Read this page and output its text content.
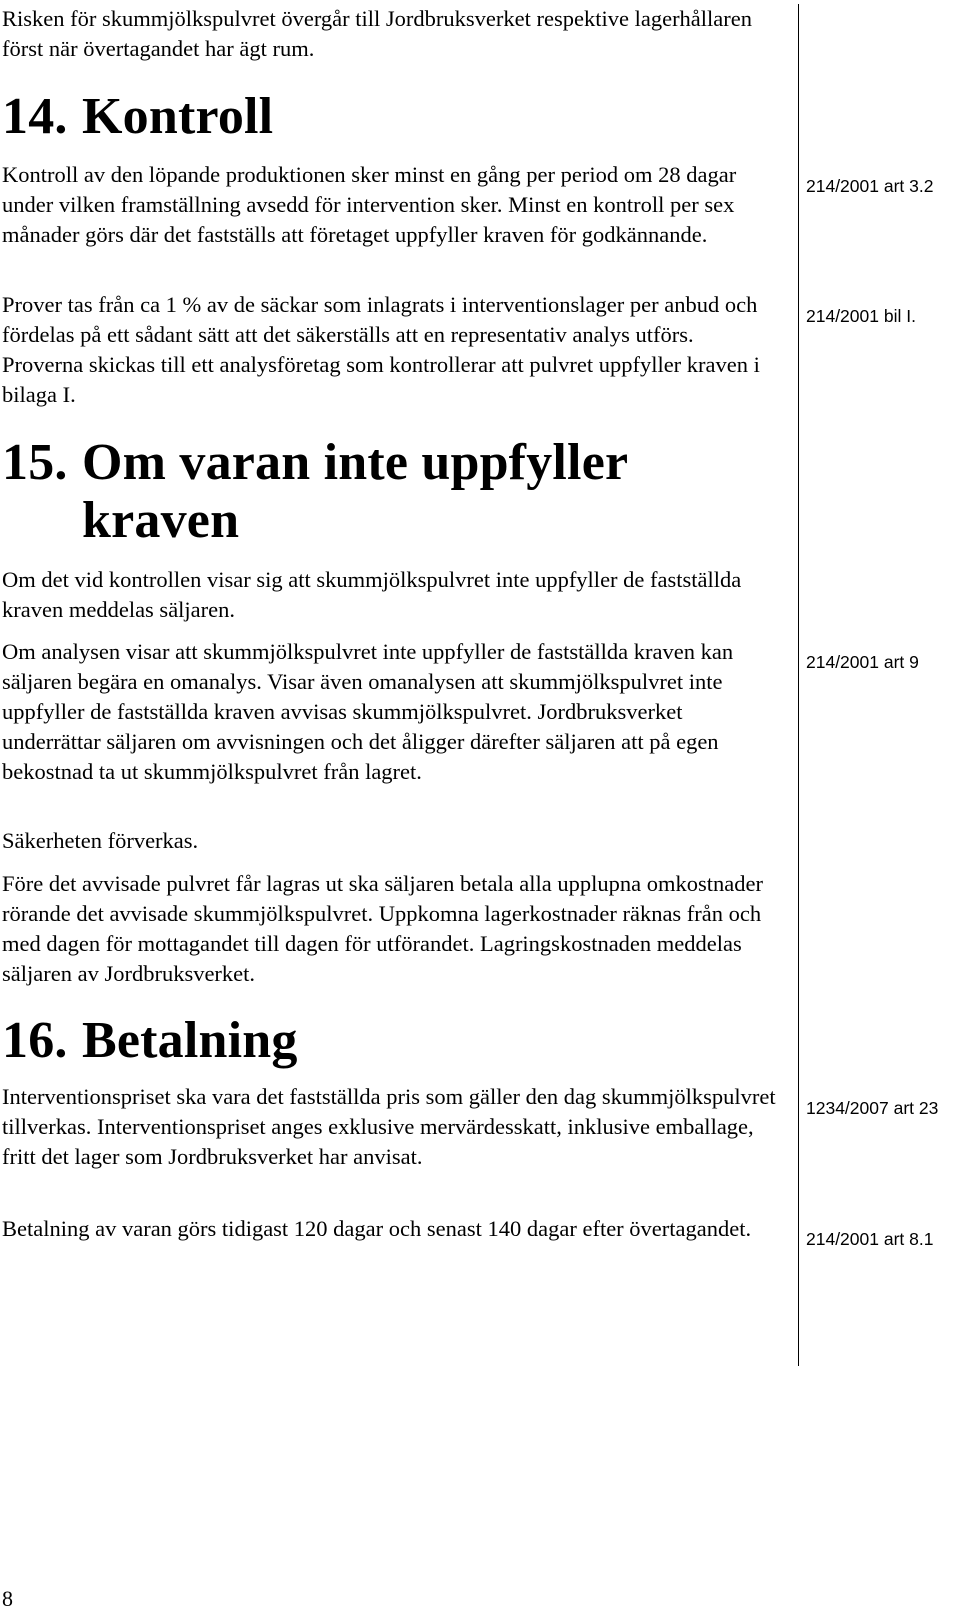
Risken för skummjölkspulvret övergår till Jordbruksverket respektive lagerhållaren först när övertagandet har ägt rum.

14. Kontroll

Kontroll av den löpande produktionen sker minst en gång per period om 28 dagar under vilken framställning avsedd för intervention sker. Minst en kontroll per sex månader görs där det fastställs att företaget uppfyller kraven för godkännande.

Prover tas från ca 1 % av de säckar som inlagrats i interventionslager per anbud och fördelas på ett sådant sätt att det säkerställs att en representativ analys utförs. Proverna skickas till ett analysföretag som kontrollerar att pulvret uppfyller kraven i bilaga I.

15. Om varan inte uppfyller
kraven

Om det vid kontrollen visar sig att skummjölkspulvret inte uppfyller de fastställda kraven meddelas säljaren.

Om analysen visar att skummjölkspulvret inte uppfyller de fastställda kraven kan säljaren begära en omanalys. Visar även omanalysen att skummjölkspulvret inte uppfyller de fastställda kraven avvisas skummjölkspulvret. Jordbruksverket underrättar säljaren om avvisningen och det åligger därefter säljaren att på egen bekostnad ta ut skummjölkspulvret från lagret.

Säkerheten förverkas.

Före det avvisade pulvret får lagras ut ska säljaren betala alla upplupna omkostnader rörande det avvisade skummjölkspulvret. Uppkomna lagerkostnader räknas från och med dagen för mottagandet till dagen för utförandet. Lagringskostnaden meddelas säljaren av Jordbruksverket.

16. Betalning

Interventionspriset ska vara det fastställda pris som gäller den dag skummjölkspulvret tillverkas. Interventionspriset anges exklusive mervärdesskatt, inklusive emballage, fritt det lager som Jordbruksverket har anvisat.

Betalning av varan görs tidigast 120 dagar och senast 140 dagar efter övertagandet.

214/2001 art 3.2
214/2001 bil I.
214/2001 art 9
1234/2007 art 23
214/2001 art 8.1
8
